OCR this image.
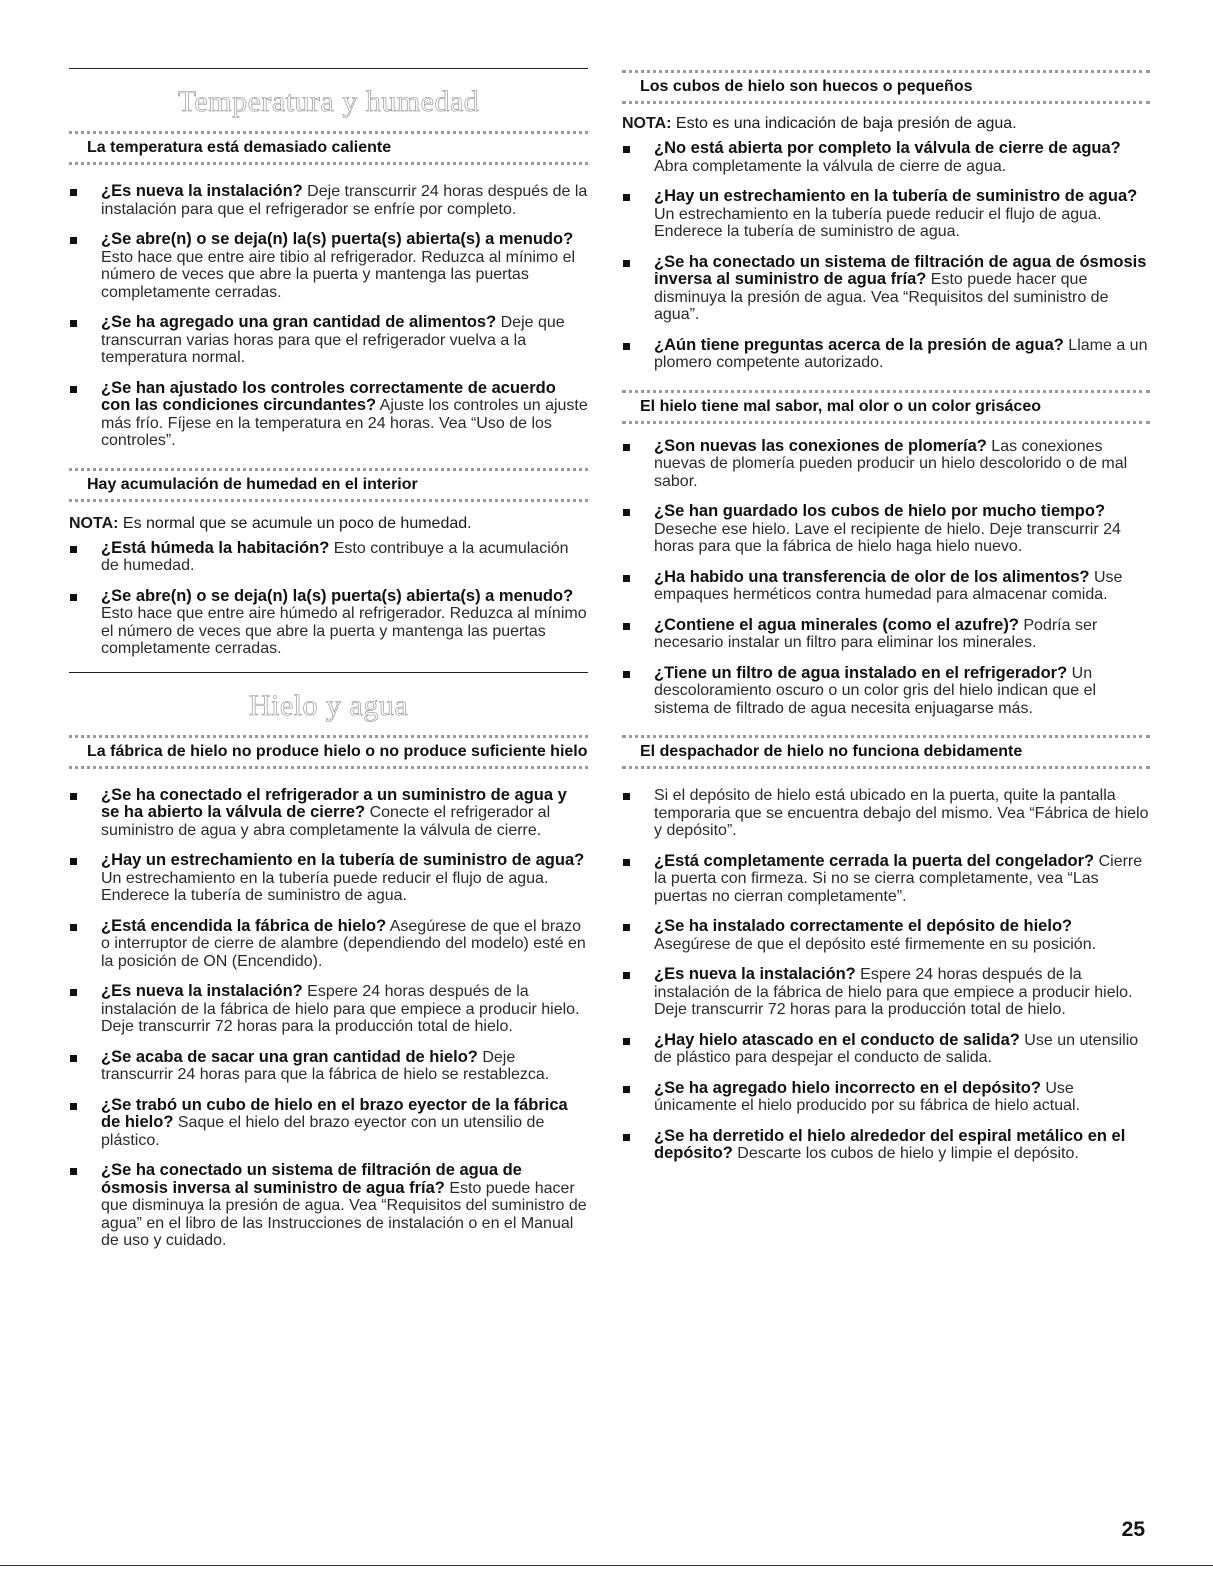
Temperatura y humedad
La temperatura está demasiado caliente
¿Es nueva la instalación? Deje transcurrir 24 horas después de la instalación para que el refrigerador se enfríe por completo.
¿Se abre(n) o se deja(n) la(s) puerta(s) abierta(s) a menudo? Esto hace que entre aire tibio al refrigerador. Reduzca al mínimo el número de veces que abre la puerta y mantenga las puertas completamente cerradas.
¿Se ha agregado una gran cantidad de alimentos? Deje que transcurran varias horas para que el refrigerador vuelva a la temperatura normal.
¿Se han ajustado los controles correctamente de acuerdo con las condiciones circundantes? Ajuste los controles un ajuste más frío. Fíjese en la temperatura en 24 horas. Vea “Uso de los controles”.
Hay acumulación de humedad en el interior
NOTA: Es normal que se acumule un poco de humedad.
¿Está húmeda la habitación? Esto contribuye a la acumulación de humedad.
¿Se abre(n) o se deja(n) la(s) puerta(s) abierta(s) a menudo? Esto hace que entre aire húmedo al refrigerador. Reduzca al mínimo el número de veces que abre la puerta y mantenga las puertas completamente cerradas.
Hielo y agua
La fábrica de hielo no produce hielo o no produce suficiente hielo
¿Se ha conectado el refrigerador a un suministro de agua y se ha abierto la válvula de cierre? Conecte el refrigerador al suministro de agua y abra completamente la válvula de cierre.
¿Hay un estrechamiento en la tubería de suministro de agua? Un estrechamiento en la tubería puede reducir el flujo de agua. Enderece la tubería de suministro de agua.
¿Está encendida la fábrica de hielo? Asegúrese de que el brazo o interruptor de cierre de alambre (dependiendo del modelo) esté en la posición de ON (Encendido).
¿Es nueva la instalación? Espere 24 horas después de la instalación de la fábrica de hielo para que empiece a producir hielo. Deje transcurrir 72 horas para la producción total de hielo.
¿Se acaba de sacar una gran cantidad de hielo? Deje transcurrir 24 horas para que la fábrica de hielo se restablezca.
¿Se trabó un cubo de hielo en el brazo eyector de la fábrica de hielo? Saque el hielo del brazo eyector con un utensilio de plástico.
¿Se ha conectado un sistema de filtración de agua de ósmosis inversa al suministro de agua fría? Esto puede hacer que disminuya la presión de agua. Vea “Requisitos del suministro de agua” en el libro de las Instrucciones de instalación o en el Manual de uso y cuidado.
Los cubos de hielo son huecos o pequeños
NOTA: Esto es una indicación de baja presión de agua.
¿No está abierta por completo la válvula de cierre de agua? Abra completamente la válvula de cierre de agua.
¿Hay un estrechamiento en la tubería de suministro de agua? Un estrechamiento en la tubería puede reducir el flujo de agua. Enderece la tubería de suministro de agua.
¿Se ha conectado un sistema de filtración de agua de ósmosis inversa al suministro de agua fría? Esto puede hacer que disminuya la presión de agua. Vea “Requisitos del suministro de agua”.
¿Aún tiene preguntas acerca de la presión de agua? Llame a un plomero competente autorizado.
El hielo tiene mal sabor, mal olor o un color grisáceo
¿Son nuevas las conexiones de plomería? Las conexiones nuevas de plomería pueden producir un hielo descolorido o de mal sabor.
¿Se han guardado los cubos de hielo por mucho tiempo? Deseche ese hielo. Lave el recipiente de hielo. Deje transcurrir 24 horas para que la fábrica de hielo haga hielo nuevo.
¿Ha habido una transferencia de olor de los alimentos? Use empaques herméticos contra humedad para almacenar comida.
¿Contiene el agua minerales (como el azufre)? Podría ser necesario instalar un filtro para eliminar los minerales.
¿Tiene un filtro de agua instalado en el refrigerador? Un descoloramiento oscuro o un color gris del hielo indican que el sistema de filtrado de agua necesita enjuagarse más.
El despachador de hielo no funciona debidamente
Si el depósito de hielo está ubicado en la puerta, quite la pantalla temporaria que se encuentra debajo del mismo. Vea “Fábrica de hielo y depósito”.
¿Está completamente cerrada la puerta del congelador? Cierre la puerta con firmeza. Si no se cierra completamente, vea “Las puertas no cierran completamente”.
¿Se ha instalado correctamente el depósito de hielo? Asegúrese de que el depósito esté firmemente en su posición.
¿Es nueva la instalación? Espere 24 horas después de la instalación de la fábrica de hielo para que empiece a producir hielo. Deje transcurrir 72 horas para la producción total de hielo.
¿Hay hielo atascado en el conducto de salida? Use un utensilio de plástico para despejar el conducto de salida.
¿Se ha agregado hielo incorrecto en el depósito? Use únicamente el hielo producido por su fábrica de hielo actual.
¿Se ha derretido el hielo alrededor del espiral metálico en el depósito? Descarte los cubos de hielo y limpie el depósito.
25
